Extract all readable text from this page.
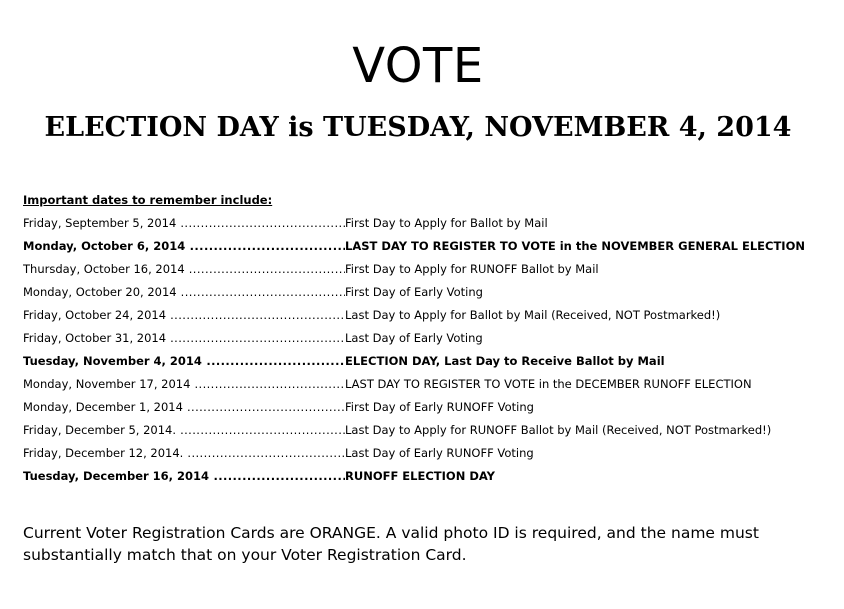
VOTE
ELECTION DAY is TUESDAY, NOVEMBER 4, 2014

Important dates to remember include:

Friday, September 5, 2014 .....	First Day to Apply for Ballot by Mail
Monday, October 6, 2014 .....	LAST DAY TO REGISTER TO VOTE in the NOVEMBER GENERAL ELECTION
Thursday, October 16, 2014 .....	First Day to Apply for RUNOFF Ballot by Mail
Monday, October 20, 2014 .....	First Day of Early Voting
Friday, October 24, 2014 .....	Last Day to Apply for Ballot by Mail (Received, NOT Postmarked!)
Friday, October 31, 2014 .....	Last Day of Early Voting
Tuesday, November 4, 2014 .....	ELECTION DAY, Last Day to Receive Ballot by Mail
Monday, November 17, 2014 .....	LAST DAY TO REGISTER TO VOTE in the DECEMBER RUNOFF ELECTION
Monday, December 1, 2014 .....	First Day of Early RUNOFF Voting
Friday, December 5, 2014. .....	Last Day to Apply for RUNOFF Ballot by Mail (Received, NOT Postmarked!)
Friday, December 12, 2014. .....	Last Day of Early RUNOFF Voting
Tuesday, December 16, 2014 .....	RUNOFF ELECTION DAY

Current Voter Registration Cards are ORANGE. A valid photo ID is required, and the name must substantially match that on your Voter Registration Card.
